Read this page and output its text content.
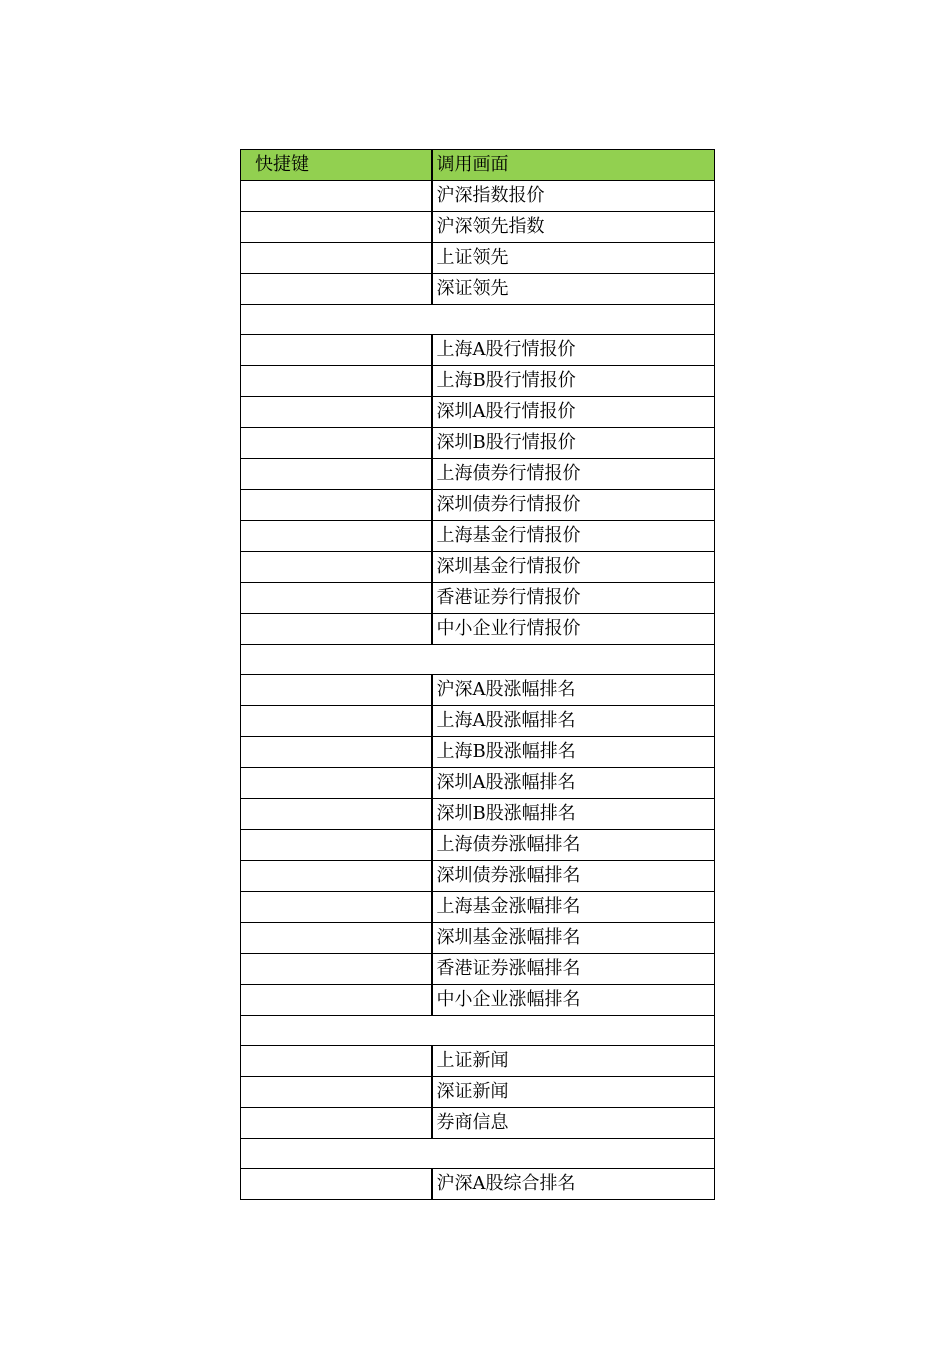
快捷键	调用画面
	沪深指数报价
	沪深领先指数
	上证领先
	深证领先

	上海A股行情报价
	上海B股行情报价
	深圳A股行情报价
	深圳B股行情报价
	上海债券行情报价
	深圳债券行情报价
	上海基金行情报价
	深圳基金行情报价
	香港证券行情报价
	中小企业行情报价

	沪深A股涨幅排名
	上海A股涨幅排名
	上海B股涨幅排名
	深圳A股涨幅排名
	深圳B股涨幅排名
	上海债券涨幅排名
	深圳债券涨幅排名
	上海基金涨幅排名
	深圳基金涨幅排名
	香港证券涨幅排名
	中小企业涨幅排名

	上证新闻
	深证新闻
	券商信息

	沪深A股综合排名
